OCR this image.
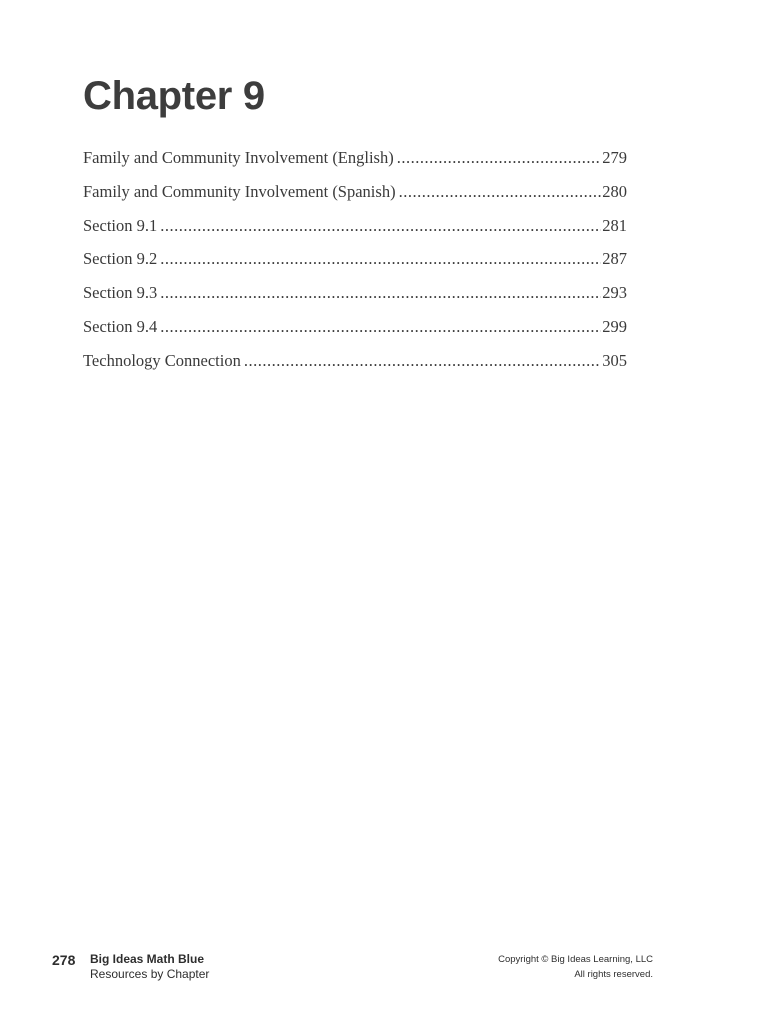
Chapter 9
Family and Community Involvement (English) .....	279
Family and Community Involvement (Spanish) .....	280
Section 9.1 .....	281
Section 9.2 .....	287
Section 9.3 .....	293
Section 9.4 .....	299
Technology Connection .....	305
278 Big Ideas Math Blue
Resources by Chapter
Copyright © Big Ideas Learning, LLC
All rights reserved.
